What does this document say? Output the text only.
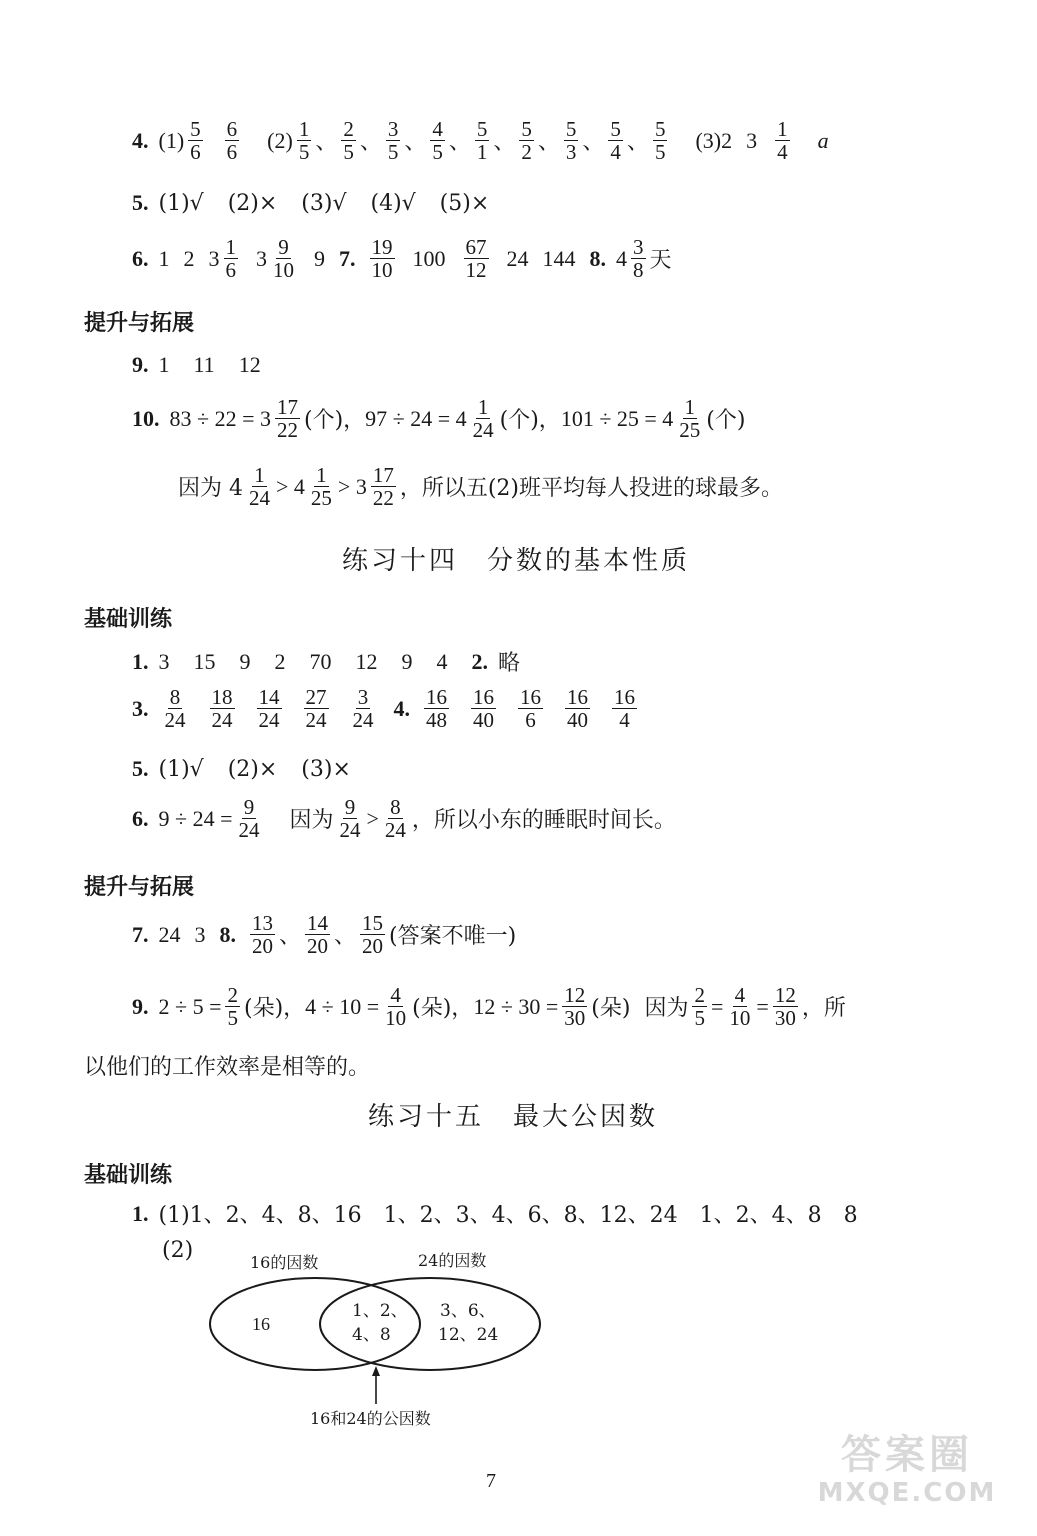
4. $(1) \frac{5}{6} \frac{6}{6} (2) \frac{1}{5}$ 、 $\frac{2}{5}$ 、 $\frac{3}{5}$ 、 $\frac{4}{5}$ 、 $\frac{5}{1}$ 、 $\frac{5}{2}$ 、 $\frac{5}{3}$ 、 $\frac{5}{4}$ 、 $\frac{5}{5} (3)2$ $3 \frac{1}{4}$ a
5. (1)√ (2)× (3)√ (4)√ (5)×
6. 1 2 $3 \frac{1}{6} 3 \frac{9}{10} 9$ 7. $\frac{19}{10} 100 \frac{67}{12} 24$ 144 8. $4 \frac{3}{8}$ 天
提升与拓展
9. 1 11 12
10. $83 \div 22 = 3 \frac{17}{22}$ (个)， $97 \div 24 = 4 \frac{1}{24}$ (个)， $101 \div 25 = 4 \frac{1}{25}$ (个)
因为 $4 \frac{1}{24} > 4 \frac{1}{25} > 3 \frac{17}{22}$ ，所以五(2)班平均每人投进的球最多。
练习十四　分数的基本性质
基础训练
1. 3 15 9 2 70 12 9 4	2. 略
3. $\frac{8}{24} \frac{18}{24} \frac{14}{24} \frac{27}{24} \frac{3}{24} 4$. $\frac{16}{48} \frac{16}{40} \frac{16}{6} \frac{16}{40} \frac{16}{4}$
5. (1)√ (2)× (3)×
6. $9 \div 24 = \frac{9}{24}$ 因为 $\frac{9}{24} > \frac{8}{24}$ ，所以小东的睡眠时间长。
提升与拓展
7. 24 3 8. $\frac{13}{20}$ 、 $\frac{14}{20}$ 、 $\frac{15}{20}$ (答案不唯一)
9. $2 \div 5 = \frac{2}{5}$ (朵)， $4 \div 10 = \frac{4}{10}$ (朵)， $12 \div 30 = \frac{12}{30}$ (朵) 因为 $\frac{2}{5} = \frac{4}{10} = \frac{12}{30}$ ，所
以他们的工作效率是相等的。
练习十五　最大公因数
基础训练
1. (1)1、2、4、8、16　1、2、3、4、6、8、12、24　1、2、4、8　8
(2)	16的因数	24的因数
16
1、2、
4、8
3、6、
12、24
16和24的公因数
7
答案圈
MXQE.COM
